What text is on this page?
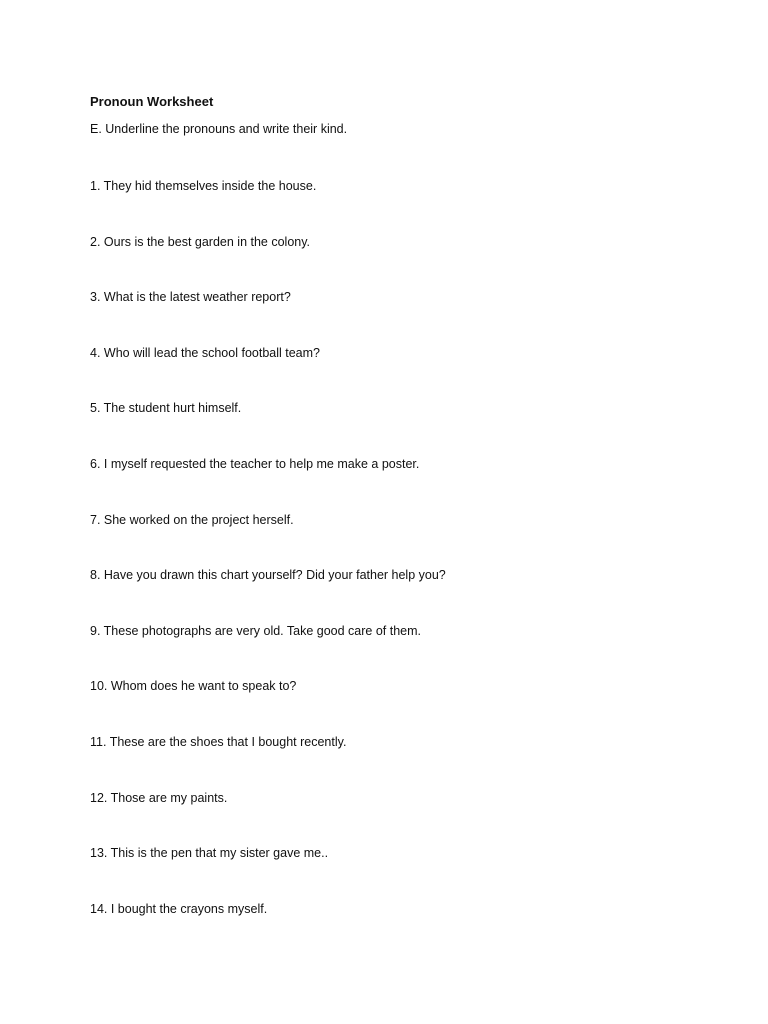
Pronoun Worksheet
E. Underline the pronouns and write their kind.
1. They hid themselves inside the house.
2. Ours is the best garden in the colony.
3. What is the latest weather report?
4. Who will lead the school football team?
5. The student hurt himself.
6. I myself requested the teacher to help me make a poster.
7. She worked on the project herself.
8. Have you drawn this chart yourself? Did your father help you?
9. These photographs are very old. Take good care of them.
10. Whom does he want to speak to?
11. These are the shoes that I bought recently.
12. Those are my paints.
13. This is the pen that my sister gave me..
14. I bought the crayons myself.
